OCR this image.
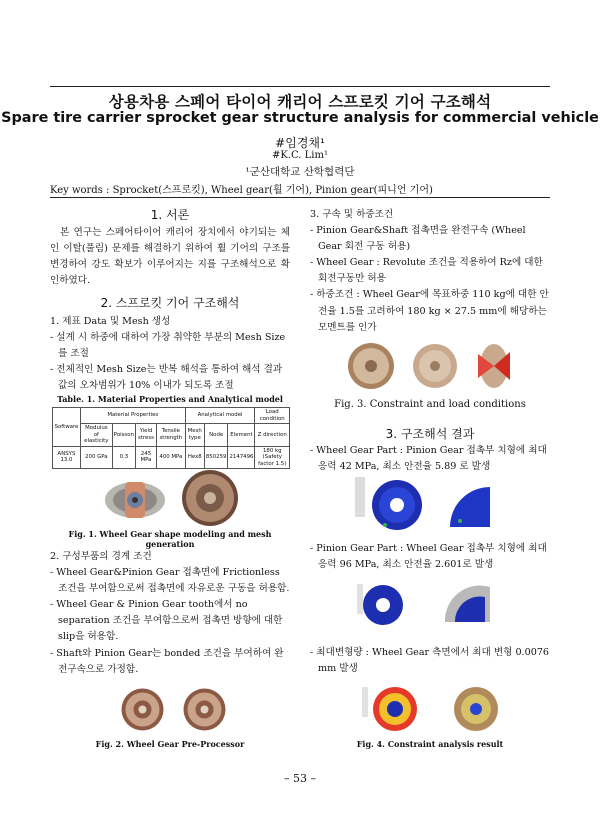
상용차용 스페어 타이어 캐리어 스프로킷 기어 구조해석
Spare tire carrier sprocket gear structure analysis for commercial vehicle
#임경채¹
#K.C. Lim¹
¹군산대학교 산학협력단
Key words : Sprocket(스프로킷), Wheel gear(휠 기어), Pinion gear(피니언 기어)
1. 서론
본 연구는 스페어타이어 캐리어 장치에서 야기되는 체인 이탈(풀림) 문제를 해결하기 위하여 휠 기어의 구조를 변경하여 강도 확보가 이루어지는 지를 구조해석으로 확인하였다.
2. 스프로킷 기어 구조해석
1. 제표 Data 및 Mesh 생성
- 설계 시 하중에 대하여 가장 취약한 부분의 Mesh Size를 조절
- 전체적인 Mesh Size는 반복 해석을 통하여 해석 결과 값의 오차범위가 10% 이내가 되도록 조절
Table. 1. Material Properties and Analytical model
Software	Material Properties				Analytical model			Load condition
	Modulus of elasticity	Poisson	Yield stress	Tensile strength	Mesh type	Node	Element	Z direction
ANSYS 13.0	200 GPa	0.3	245 MPa	400 MPa	Hex8	850259	2147496	180 kg (Safety factor 1.5)
Fig. 1. Wheel Gear shape modeling and mesh generation
2. 구성부품의 경계 조건
- Wheel Gear&Pinion Gear 접촉면에 Frictionless 조건을 부여함으로써 접촉면에 자유로운 구동을 허용함.
- Wheel Gear & Pinion Gear tooth에서 no separation 조건을 부여함으로써 접촉면 방향에 대한 slip을 허용함.
- Shaft와 Pinion Gear는 bonded 조건을 부여하여 완전구속으로 가정함.
Fig. 2. Wheel Gear Pre-Processor
3. 구속 및 하중조건
- Pinion Gear&Shaft 접촉면을 완전구속 (Wheel Gear 회전 구동 허용)
- Wheel Gear : Revolute 조건을 적용하여 Rz에 대한 회전구동만 허용
- 하중조건 : Wheel Gear에 목표하중 110 kg에 대한 안전율 1.5를 고려하여 180 kg × 27.5 mm에 해당하는 모멘트를 인가
Fig. 3. Constraint and load conditions
3. 구조해석 결과
- Wheel Gear Part : Pinion Gear 접촉부 치형에 최대응력 42 MPa, 최소 안전율 5.89 로 발생
- Pinion Gear Part : Wheel Gear 접촉부 치형에 최대응력 96 MPa, 최소 안전율 2.601로 발생
- 최대변형량 : Wheel Gear 측면에서 최대 변형 0.0076 mm 발생
Fig. 4. Constraint analysis result
– 53 –
